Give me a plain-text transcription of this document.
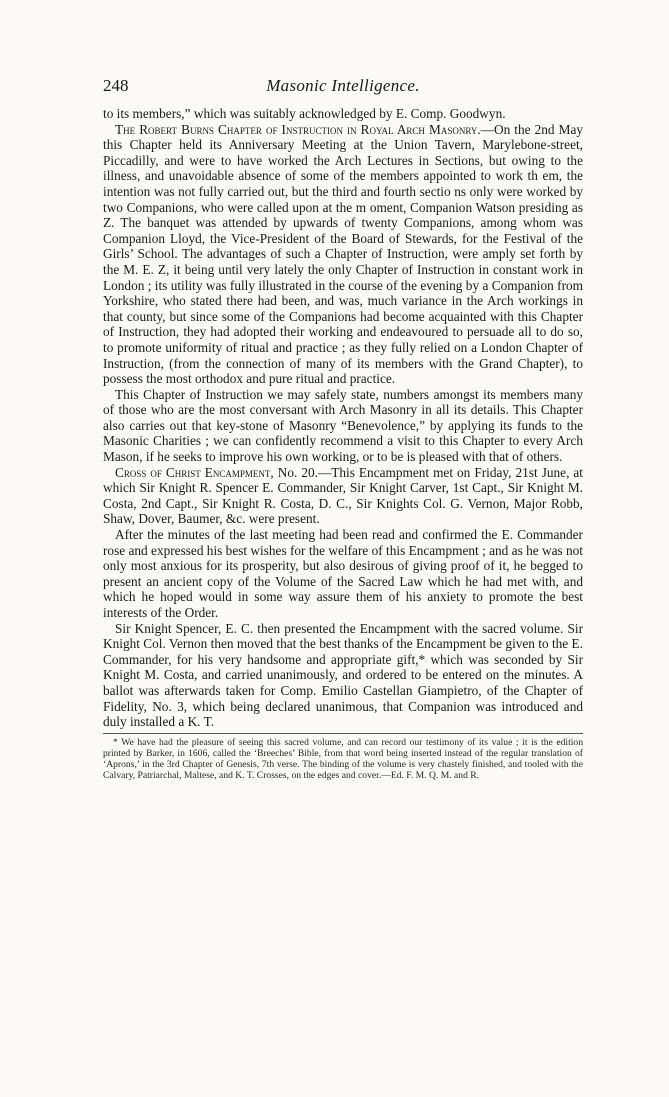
248	Masonic Intelligence.

to its members,” which was suitably acknowledged by E. Comp. Goodwyn.

The Robert Burns Chapter of Instruction in Royal Arch Masonry.—On the 2nd May this Chapter held its Anniversary Meeting at the Union Tavern, Marylebone-street, Piccadilly, and were to have worked the Arch Lectures in Sections, but owing to the illness, and unavoidable absence of some of the members appointed to work th em, the intention was not fully carried out, but the third and fourth sectio ns only were worked by two Companions, who were called upon at the m oment, Companion Watson presiding as Z. The banquet was attended by upwards of twenty Companions, among whom was Companion Lloyd, the Vice-President of the Board of Stewards, for the Festival of the Girls’ School. The advantages of such a Chapter of Instruction, were amply set forth by the M. E. Z, it being until very lately the only Chapter of Instruction in constant work in London ; its utility was fully illustrated in the course of the evening by a Companion from Yorkshire, who stated there had been, and was, much variance in the Arch workings in that county, but since some of the Companions had become acquainted with this Chapter of Instruction, they had adopted their working and endeavoured to persuade all to do so, to promote uniformity of ritual and practice ; as they fully relied on a London Chapter of Instruction, (from the connection of many of its members with the Grand Chapter), to possess the most orthodox and pure ritual and practice.

This Chapter of Instruction we may safely state, numbers amongst its members many of those who are the most conversant with Arch Masonry in all its details. This Chapter also carries out that key-stone of Masonry “Benevolence,” by applying its funds to the Masonic Charities ; we can confidently recommend a visit to this Chapter to every Arch Mason, if he seeks to improve his own working, or to be is pleased with that of others.

Cross of Christ Encampment, No. 20.—This Encampment met on Friday, 21st June, at which Sir Knight R. Spencer E. Commander, Sir Knight Carver, 1st Capt., Sir Knight M. Costa, 2nd Capt., Sir Knight R. Costa, D. C., Sir Knights Col. G. Vernon, Major Robb, Shaw, Dover, Baumer, &c. were present.

After the minutes of the last meeting had been read and confirmed the E. Commander rose and expressed his best wishes for the welfare of this Encampment ; and as he was not only most anxious for its prosperity, but also desirous of giving proof of it, he begged to present an ancient copy of the Volume of the Sacred Law which he had met with, and which he hoped would in some way assure them of his anxiety to promote the best interests of the Order.

Sir Knight Spencer, E. C. then presented the Encampment with the sacred volume. Sir Knight Col. Vernon then moved that the best thanks of the Encampment be given to the E. Commander, for his very handsome and appropriate gift,* which was seconded by Sir Knight M. Costa, and carried unanimously, and ordered to be entered on the minutes. A ballot was afterwards taken for Comp. Emilio Castellan Giampietro, of the Chapter of Fidelity, No. 3, which being declared unanimous, that Companion was introduced and duly installed a K. T.

* We have had the pleasure of seeing this sacred volume, and can record our testimony of its value ; it is the edition printed by Barker, in 1606, called the ‘Breeches’ Bible, from that word being inserted instead of the regular translation of ‘Aprons,’ in the 3rd Chapter of Genesis, 7th verse. The binding of the volume is very chastely finished, and tooled with the Calvary, Patriarchal, Maltese, and K. T. Crosses, on the edges and cover.—Ed. F. M. Q. M. and R.
